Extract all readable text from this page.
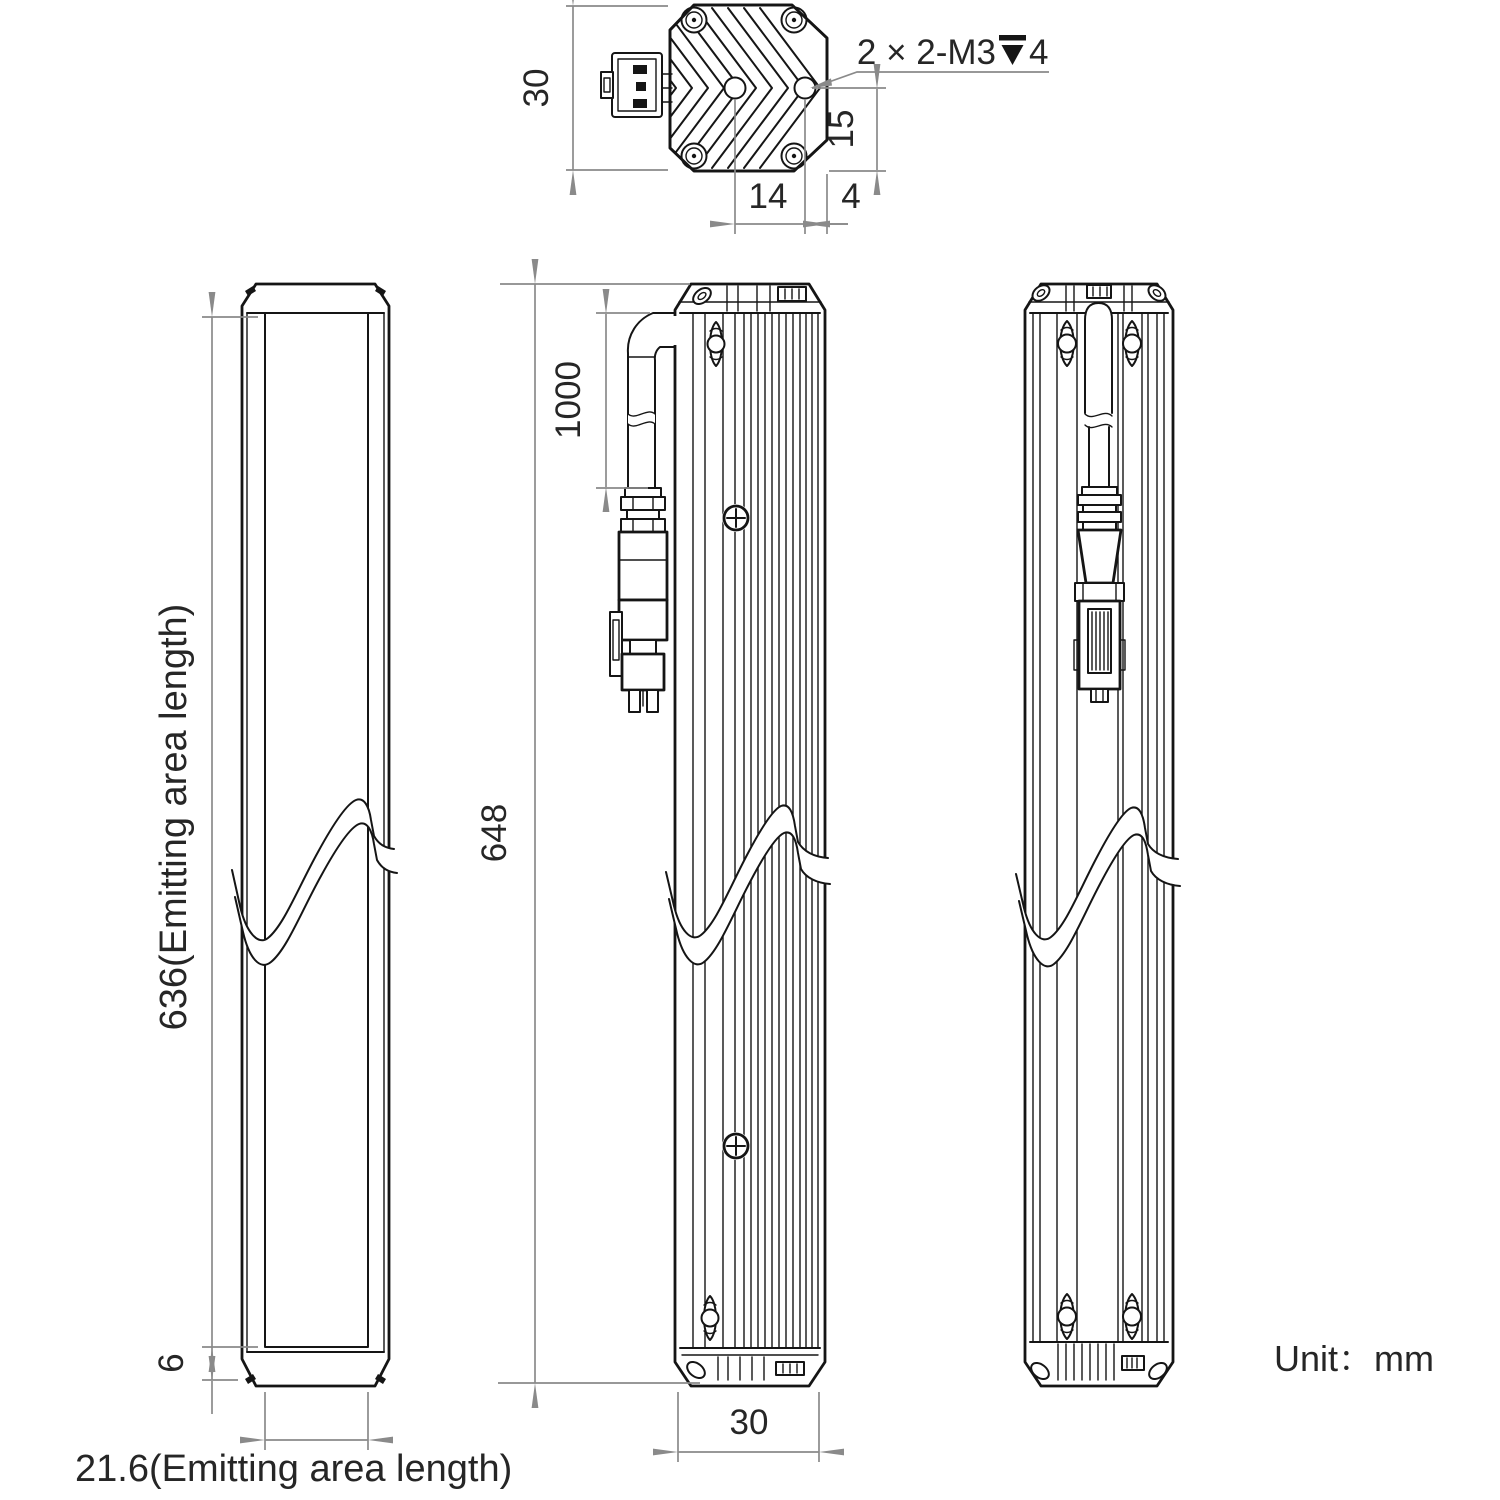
30
15
14 4
2 × 2-M3 4
636(Emitting area length)
6
21.6(Emitting area length)
648
1000
30
Unit：mm
